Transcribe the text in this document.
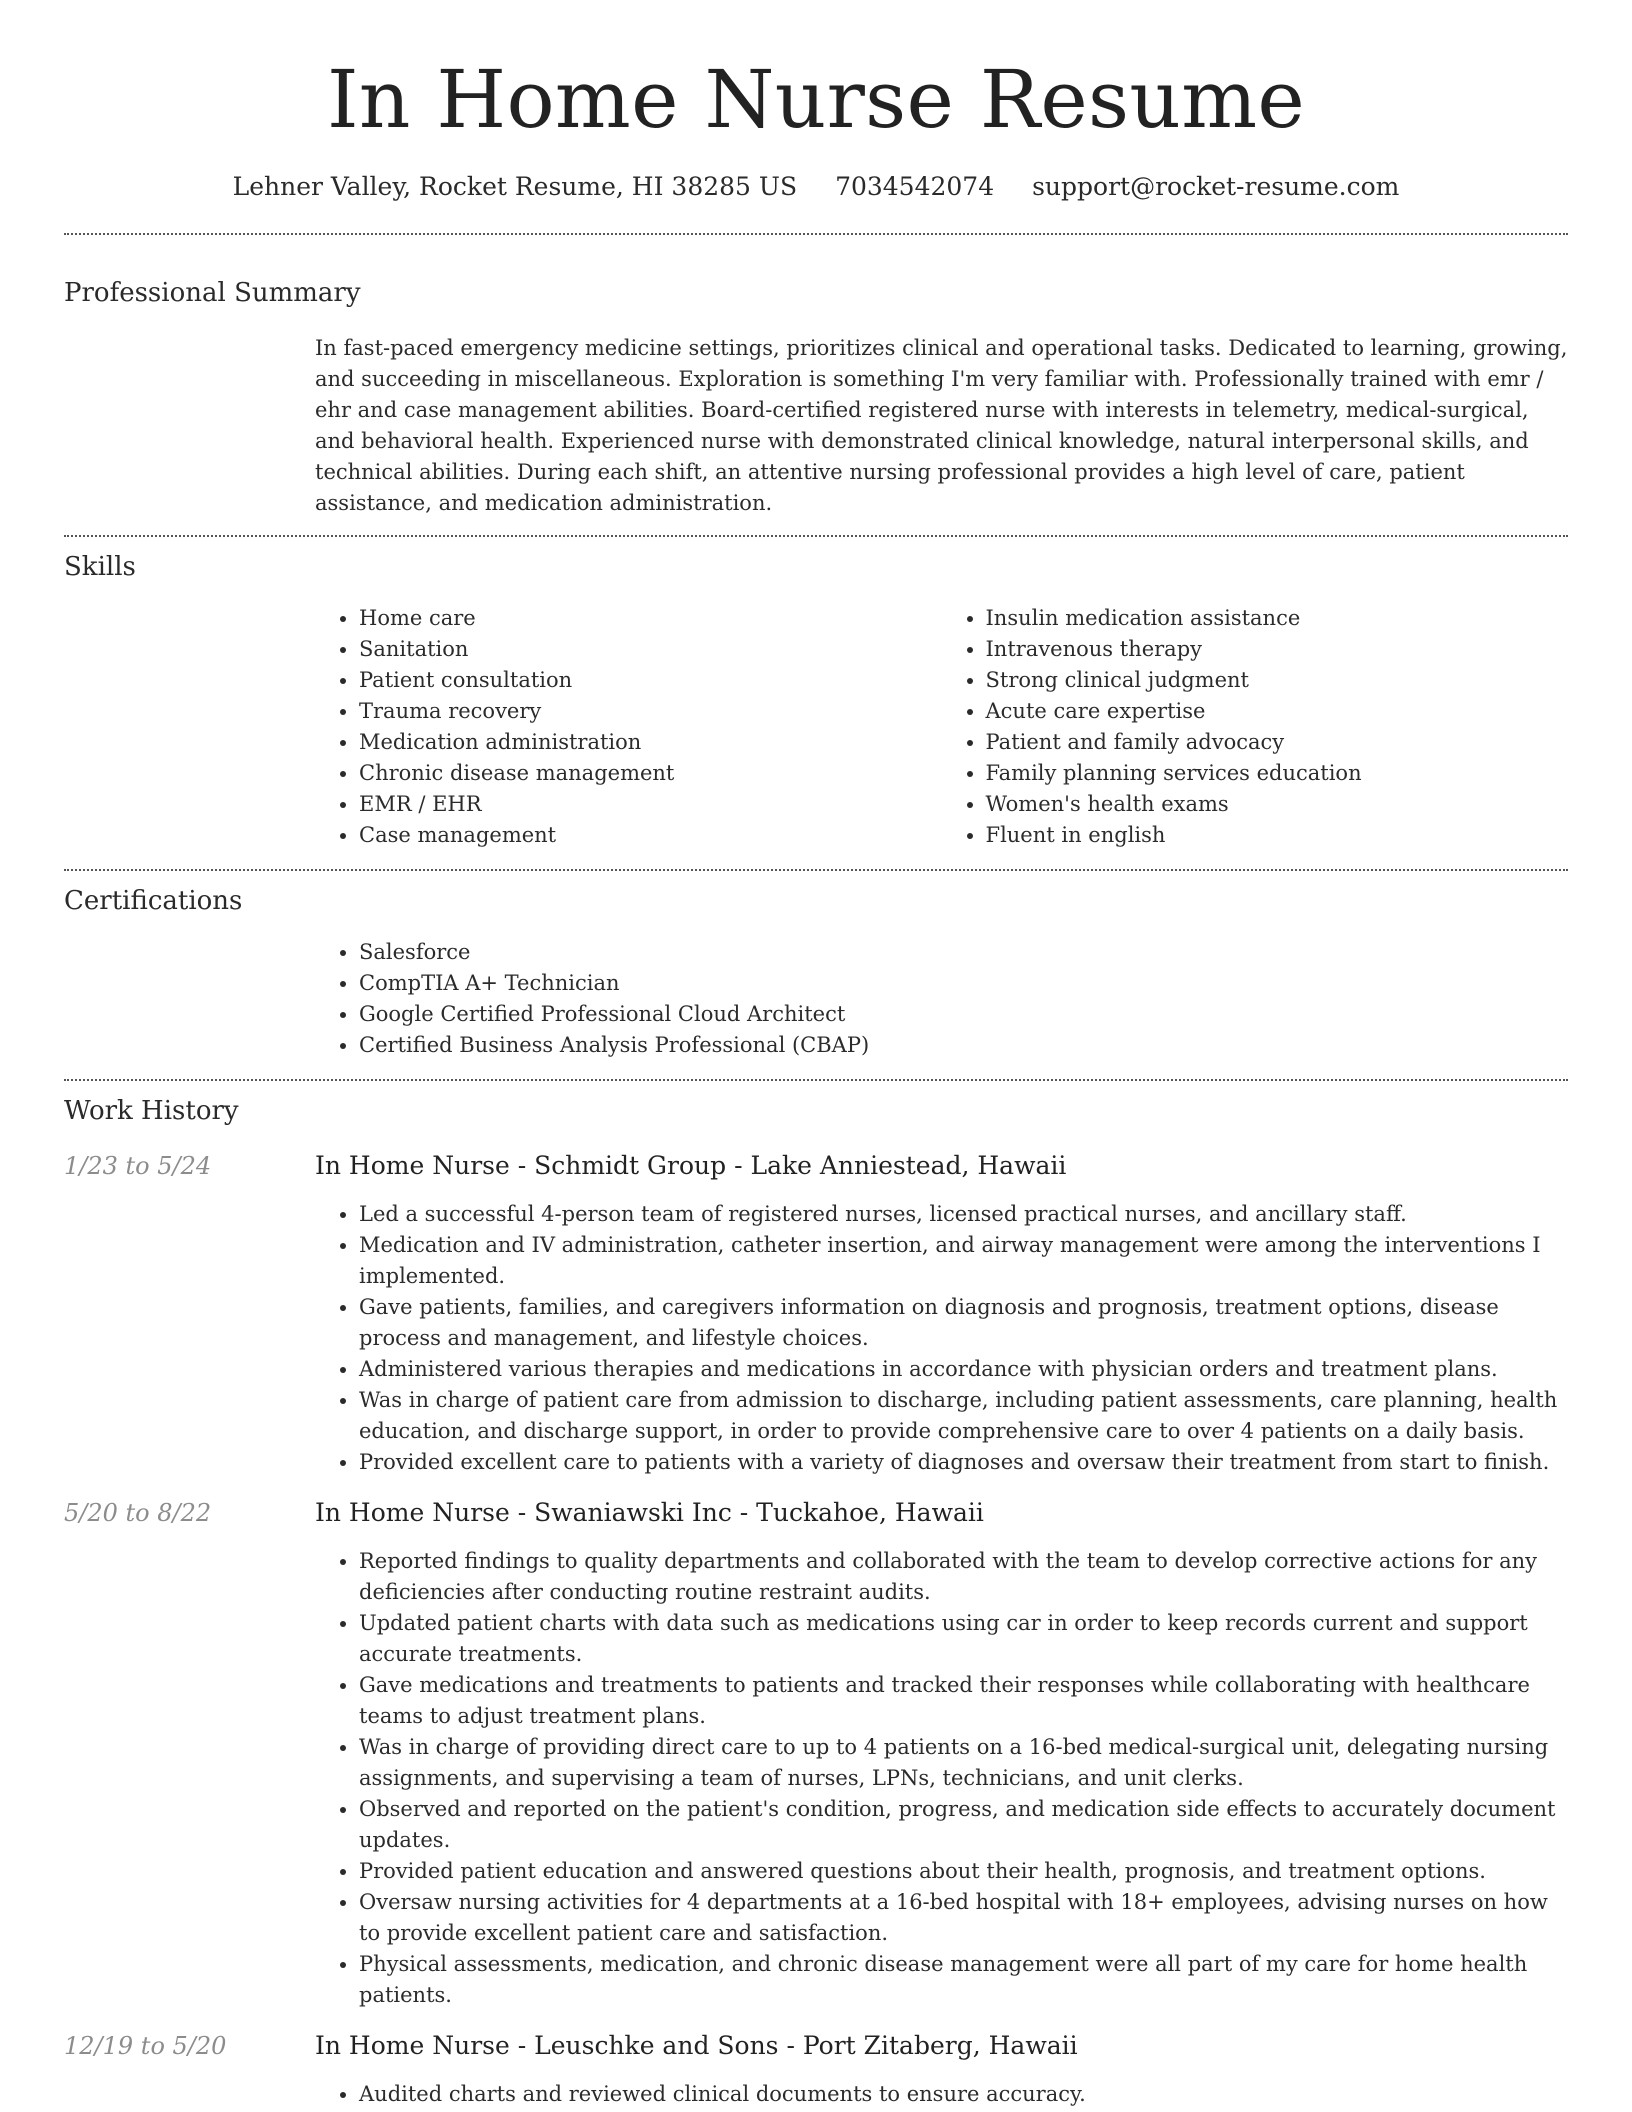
In Home Nurse Resume
Lehner Valley, Rocket Resume, HI 38285 US 7034542074 support@rocket-resume.com
Professional Summary

In fast-paced emergency medicine settings, prioritizes clinical and operational tasks. Dedicated to learning, growing, and succeeding in miscellaneous. Exploration is something I'm very familiar with. Professionally trained with emr / ehr and case management abilities. Board-certified registered nurse with interests in telemetry, medical-surgical, and behavioral health. Experienced nurse with demonstrated clinical knowledge, natural interpersonal skills, and technical abilities. During each shift, an attentive nursing professional provides a high level of care, patient assistance, and medication administration.

Skills
• Home care
• Sanitation
• Patient consultation
• Trauma recovery
• Medication administration
• Chronic disease management
• EMR / EHR
• Case management
• Insulin medication assistance
• Intravenous therapy
• Strong clinical judgment
• Acute care expertise
• Patient and family advocacy
• Family planning services education
• Women's health exams
• Fluent in english
Certifications
• Salesforce
• CompTIA A+ Technician
• Google Certified Professional Cloud Architect
• Certified Business Analysis Professional (CBAP)
Work History
1/23 to 5/24	In Home Nurse - Schmidt Group - Lake Anniestead, Hawaii
• Led a successful 4-person team of registered nurses, licensed practical nurses, and ancillary staff.
• Medication and IV administration, catheter insertion, and airway management were among the interventions I implemented.
• Gave patients, families, and caregivers information on diagnosis and prognosis, treatment options, disease process and management, and lifestyle choices.
• Administered various therapies and medications in accordance with physician orders and treatment plans.
• Was in charge of patient care from admission to discharge, including patient assessments, care planning, health education, and discharge support, in order to provide comprehensive care to over 4 patients on a daily basis.
• Provided excellent care to patients with a variety of diagnoses and oversaw their treatment from start to finish.
5/20 to 8/22	In Home Nurse - Swaniawski Inc - Tuckahoe, Hawaii
• Reported findings to quality departments and collaborated with the team to develop corrective actions for any deficiencies after conducting routine restraint audits.
• Updated patient charts with data such as medications using car in order to keep records current and support accurate treatments.
• Gave medications and treatments to patients and tracked their responses while collaborating with healthcare teams to adjust treatment plans.
• Was in charge of providing direct care to up to 4 patients on a 16-bed medical-surgical unit, delegating nursing assignments, and supervising a team of nurses, LPNs, technicians, and unit clerks.
• Observed and reported on the patient's condition, progress, and medication side effects to accurately document updates.
• Provided patient education and answered questions about their health, prognosis, and treatment options.
• Oversaw nursing activities for 4 departments at a 16-bed hospital with 18+ employees, advising nurses on how to provide excellent patient care and satisfaction.
• Physical assessments, medication, and chronic disease management were all part of my care for home health patients.
12/19 to 5/20	In Home Nurse - Leuschke and Sons - Port Zitaberg, Hawaii
• Audited charts and reviewed clinical documents to ensure accuracy.
